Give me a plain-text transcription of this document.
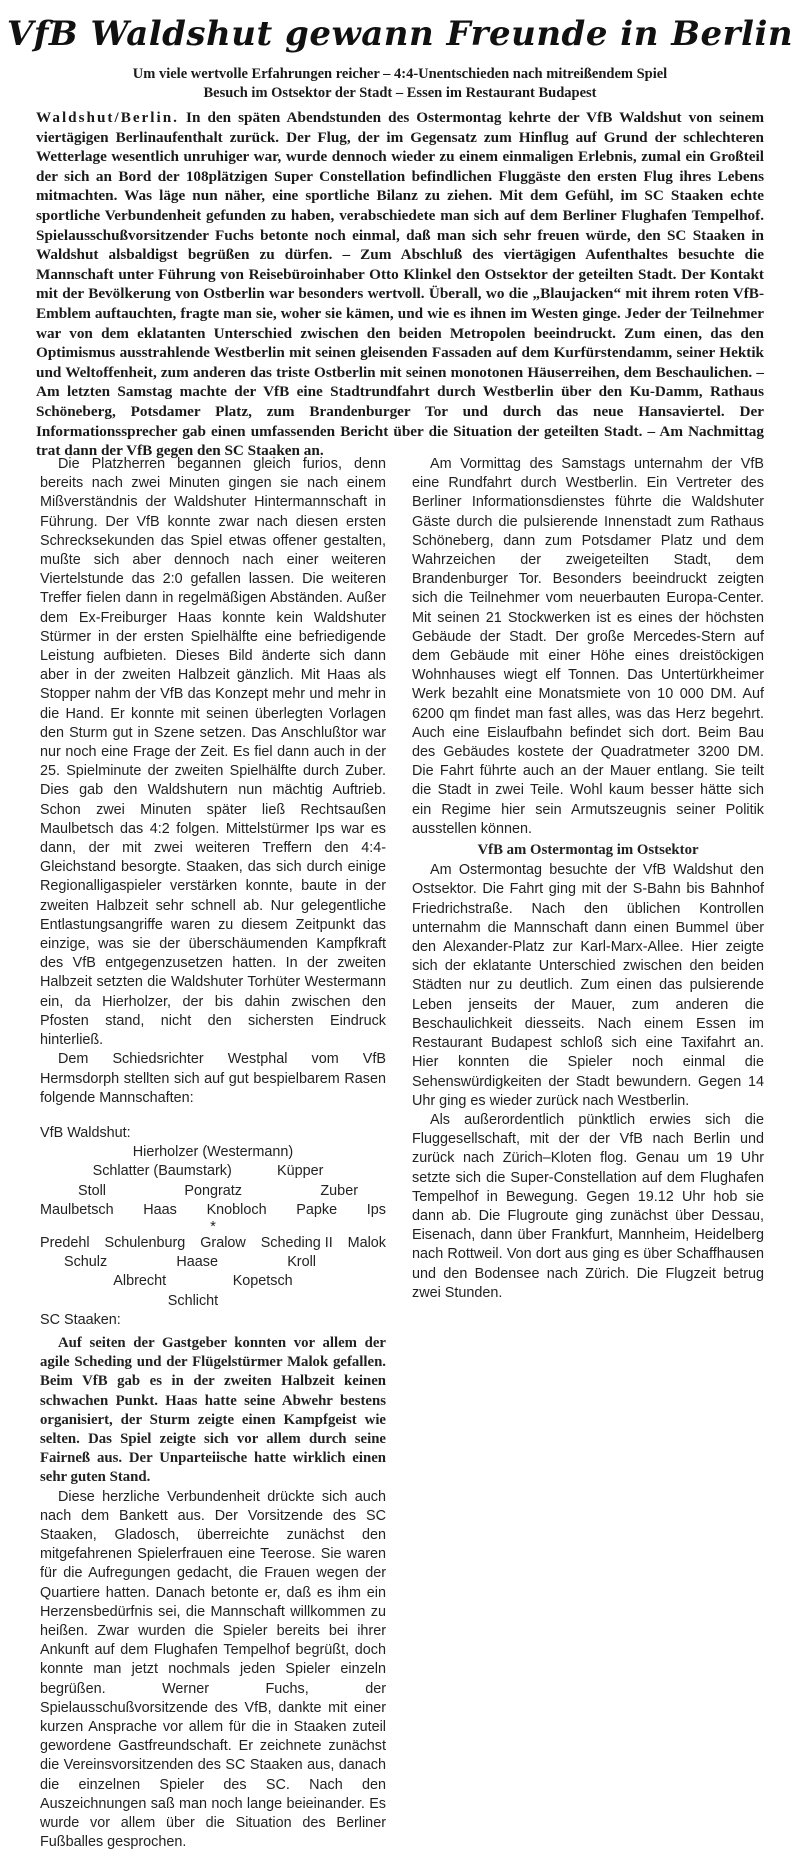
VfB Waldshut gewann Freunde in Berlin
Um viele wertvolle Erfahrungen reicher – 4:4-Unentschieden nach mitreißendem Spiel
Besuch im Ostsektor der Stadt – Essen im Restaurant Budapest

Waldshut/Berlin. In den späten Abendstunden des Ostermontag kehrte der VfB Waldshut von seinem viertägigen Berlinaufenthalt zurück. Der Flug, der im Gegensatz zum Hinflug auf Grund der schlechteren Wetterlage wesentlich unruhiger war, wurde dennoch wieder zu einem einmaligen Erlebnis, zumal ein Großteil der sich an Bord der 108plätzigen Super Constellation befindlichen Fluggäste den ersten Flug ihres Lebens mitmachten. Was läge nun näher, eine sportliche Bilanz zu ziehen. Mit dem Gefühl, im SC Staaken echte sportliche Verbundenheit gefunden zu haben, verabschiedete man sich auf dem Berliner Flughafen Tempelhof. Spielausschußvorsitzender Fuchs betonte noch einmal, daß man sich sehr freuen würde, den SC Staaken in Waldshut alsbaldigst begrüßen zu dürfen. – Zum Abschluß des viertägigen Aufenthaltes besuchte die Mannschaft unter Führung von Reisebüroinhaber Otto Klinkel den Ostsektor der geteilten Stadt. Der Kontakt mit der Bevölkerung von Ostberlin war besonders wertvoll. Überall, wo die „Blaujacken“ mit ihrem roten VfB-Emblem auftauchten, fragte man sie, woher sie kämen, und wie es ihnen im Westen ginge. Jeder der Teilnehmer war von dem eklatanten Unterschied zwischen den beiden Metropolen beeindruckt. Zum einen, das den Optimismus ausstrahlende Westberlin mit seinen gleisenden Fassaden auf dem Kurfürstendamm, seiner Hektik und Weltoffenheit, zum anderen das triste Ostberlin mit seinen monotonen Häuserreihen, dem Beschaulichen. – Am letzten Samstag machte der VfB eine Stadtrundfahrt durch Westberlin über den Ku-Damm, Rathaus Schöneberg, Potsdamer Platz, zum Brandenburger Tor und durch das neue Hansaviertel. Der Informationssprecher gab einen umfassenden Bericht über die Situation der geteilten Stadt. – Am Nachmittag trat dann der VfB gegen den SC Staaken an.

Die Platzherren begannen gleich furios, denn bereits nach zwei Minuten gingen sie nach einem Mißverständnis der Waldshuter Hintermannschaft in Führung. Der VfB konnte zwar nach diesen ersten Schrecksekunden das Spiel etwas offener gestalten, mußte sich aber dennoch nach einer weiteren Viertelstunde das 2:0 gefallen lassen. Die weiteren Treffer fielen dann in regelmäßigen Abständen. Außer dem Ex-Freiburger Haas konnte kein Waldshuter Stürmer in der ersten Spielhälfte eine befriedigende Leistung aufbieten. Dieses Bild änderte sich dann aber in der zweiten Halbzeit gänzlich. Mit Haas als Stopper nahm der VfB das Konzept mehr und mehr in die Hand. Er konnte mit seinen überlegten Vorlagen den Sturm gut in Szene setzen. Das Anschlußtor war nur noch eine Frage der Zeit. Es fiel dann auch in der 25. Spielminute der zweiten Spielhälfte durch Zuber. Dies gab den Waldshutern nun mächtig Auftrieb. Schon zwei Minuten später ließ Rechtsaußen Maulbetsch das 4:2 folgen. Mittelstürmer Ips war es dann, der mit zwei weiteren Treffern den 4:4-Gleichstand besorgte. Staaken, das sich durch einige Regionalligaspieler verstärken konnte, baute in der zweiten Halbzeit sehr schnell ab. Nur gelegentliche Entlastungsangriffe waren zu diesem Zeitpunkt das einzige, was sie der überschäumenden Kampfkraft des VfB entgegenzusetzen hatten. In der zweiten Halbzeit setzten die Waldshuter Torhüter Westermann ein, da Hierholzer, der bis dahin zwischen den Pfosten stand, nicht den sichersten Eindruck hinterließ.

Dem Schiedsrichter Westphal vom VfB Hermsdorph stellten sich auf gut bespielbarem Rasen folgende Mannschaften:

VfB Waldshut:

Hierholzer (Westermann)
Schlatter (Baumstark)	Küpper
Stoll	Pongratz	Zuber
Maulbetsch Haas Knobloch Papke Ips
*
Predehl Schulenburg Gralow Scheding II Malok
Schulz	Haase	Kroll
Albrecht	Kopetsch
Schlicht

SC Staaken:

Auf seiten der Gastgeber konnten vor allem der agile Scheding und der Flügelstürmer Malok gefallen. Beim VfB gab es in der zweiten Halbzeit keinen schwachen Punkt. Haas hatte seine Abwehr bestens organisiert, der Sturm zeigte einen Kampfgeist wie selten. Das Spiel zeigte sich vor allem durch seine Fairneß aus. Der Unparteiische hatte wirklich einen sehr guten Stand.

Diese herzliche Verbundenheit drückte sich auch nach dem Bankett aus. Der Vorsitzende des SC Staaken, Gladosch, überreichte zunächst den mitgefahrenen Spielerfrauen eine Teerose. Sie waren für die Aufregungen gedacht, die Frauen wegen der Quartiere hatten. Danach betonte er, daß es ihm ein Herzensbedürfnis sei, die Mannschaft willkommen zu heißen. Zwar wurden die Spieler bereits bei ihrer Ankunft auf dem Flughafen Tempelhof begrüßt, doch konnte man jetzt nochmals jeden Spieler einzeln begrüßen. Werner Fuchs, der Spielausschußvorsitzende des VfB, dankte mit einer kurzen Ansprache vor allem für die in Staaken zuteil gewordene Gastfreundschaft. Er zeichnete zunächst die Vereinsvorsitzenden des SC Staaken aus, danach die einzelnen Spieler des SC. Nach den Auszeichnungen saß man noch lange beieinander. Es wurde vor allem über die Situation des Berliner Fußballes gesprochen.

Am Vormittag des Samstags unternahm der VfB eine Rundfahrt durch Westberlin. Ein Vertreter des Berliner Informationsdienstes führte die Waldshuter Gäste durch die pulsierende Innenstadt zum Rathaus Schöneberg, dann zum Potsdamer Platz und dem Wahrzeichen der zweigeteilten Stadt, dem Brandenburger Tor. Besonders beeindruckt zeigten sich die Teilnehmer vom neuerbauten Europa-Center. Mit seinen 21 Stockwerken ist es eines der höchsten Gebäude der Stadt. Der große Mercedes-Stern auf dem Gebäude mit einer Höhe eines dreistöckigen Wohnhauses wiegt elf Tonnen. Das Untertürkheimer Werk bezahlt eine Monatsmiete von 10 000 DM. Auf 6200 qm findet man fast alles, was das Herz begehrt. Auch eine Eislaufbahn befindet sich dort. Beim Bau des Gebäudes kostete der Quadratmeter 3200 DM. Die Fahrt führte auch an der Mauer entlang. Sie teilt die Stadt in zwei Teile. Wohl kaum besser hätte sich ein Regime hier sein Armutszeugnis seiner Politik ausstellen können.

VfB am Ostermontag im Ostsektor

Am Ostermontag besuchte der VfB Waldshut den Ostsektor. Die Fahrt ging mit der S-Bahn bis Bahnhof Friedrichstraße. Nach den üblichen Kontrollen unternahm die Mannschaft dann einen Bummel über den Alexander-Platz zur Karl-Marx-Allee. Hier zeigte sich der eklatante Unterschied zwischen den beiden Städten nur zu deutlich. Zum einen das pulsierende Leben jenseits der Mauer, zum anderen die Beschaulichkeit diesseits. Nach einem Essen im Restaurant Budapest schloß sich eine Taxifahrt an. Hier konnten die Spieler noch einmal die Sehenswürdigkeiten der Stadt bewundern. Gegen 14 Uhr ging es wieder zurück nach Westberlin.

Als außerordentlich pünktlich erwies sich die Fluggesellschaft, mit der der VfB nach Berlin und zurück nach Zürich–Kloten flog. Genau um 19 Uhr setzte sich die Super-Constellation auf dem Flughafen Tempelhof in Bewegung. Gegen 19.12 Uhr hob sie dann ab. Die Flugroute ging zunächst über Dessau, Eisenach, dann über Frankfurt, Mannheim, Heidelberg nach Rottweil. Von dort aus ging es über Schaffhausen und den Bodensee nach Zürich. Die Flugzeit betrug zwei Stunden.
